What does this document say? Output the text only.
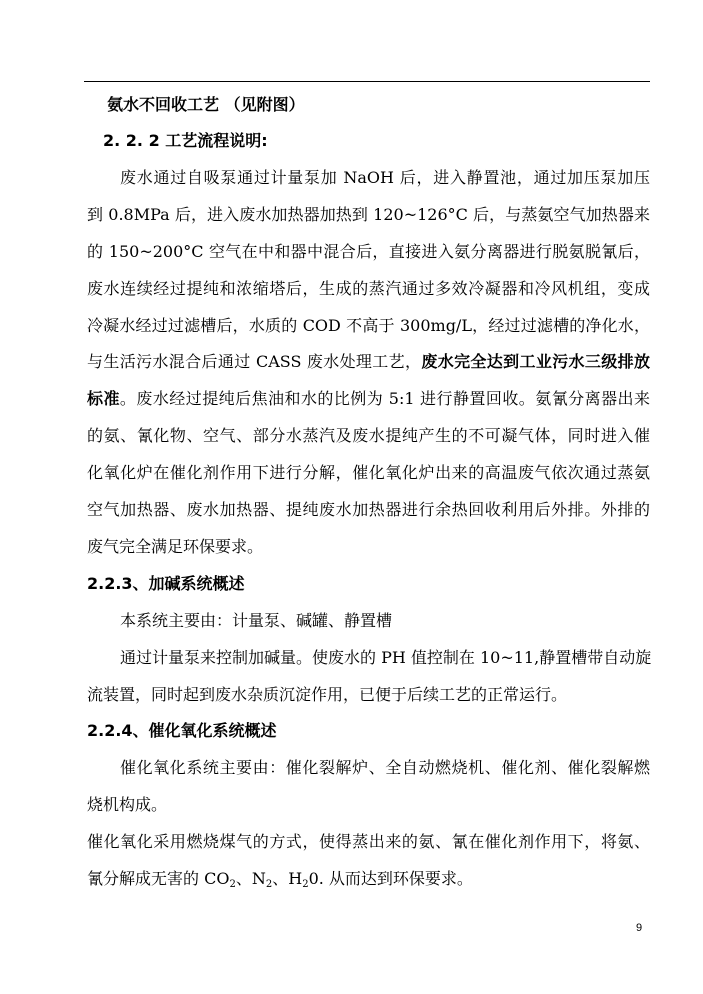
氨水不回收工艺 （见附图）
2. 2. 2 工艺流程说明:
废水通过自吸泵通过计量泵加 NaOH 后，进入静置池，通过加压泵加压
到 0.8MPa 后，进入废水加热器加热到 120~126°C 后，与蒸氨空气加热器来
的 150~200°C 空气在中和器中混合后，直接进入氨分离器进行脱氨脱氰后，
废水连续经过提纯和浓缩塔后，生成的蒸汽通过多效冷凝器和冷风机组，变成
冷凝水经过过滤槽后，水质的 COD 不高于 300mg/L，经过过滤槽的净化水，
与生活污水混合后通过 CASS 废水处理工艺，废水完全达到工业污水三级排放
标准。废水经过提纯后焦油和水的比例为 5:1 进行静置回收。氨氰分离器出来
的氨、氰化物、空气、部分水蒸汽及废水提纯产生的不可凝气体，同时进入催
化氧化炉在催化剂作用下进行分解，催化氧化炉出来的高温废气依次通过蒸氨
空气加热器、废水加热器、提纯废水加热器进行余热回收利用后外排。外排的
废气完全满足环保要求。
2.2.3、加碱系统概述
本系统主要由：计量泵、碱罐、静置槽
通过计量泵来控制加碱量。使废水的 PH 值控制在 10~11,静置槽带自动旋
流装置，同时起到废水杂质沉淀作用，已便于后续工艺的正常运行。
2.2.4、催化氧化系统概述
催化氧化系统主要由：催化裂解炉、全自动燃烧机、催化剂、催化裂解燃
烧机构成。
催化氧化采用燃烧煤气的方式，使得蒸出来的氨、氰在催化剂作用下，将氨、
氰分解成无害的 $CO_2$、$N_2$、$H_20$. 从而达到环保要求。
9
